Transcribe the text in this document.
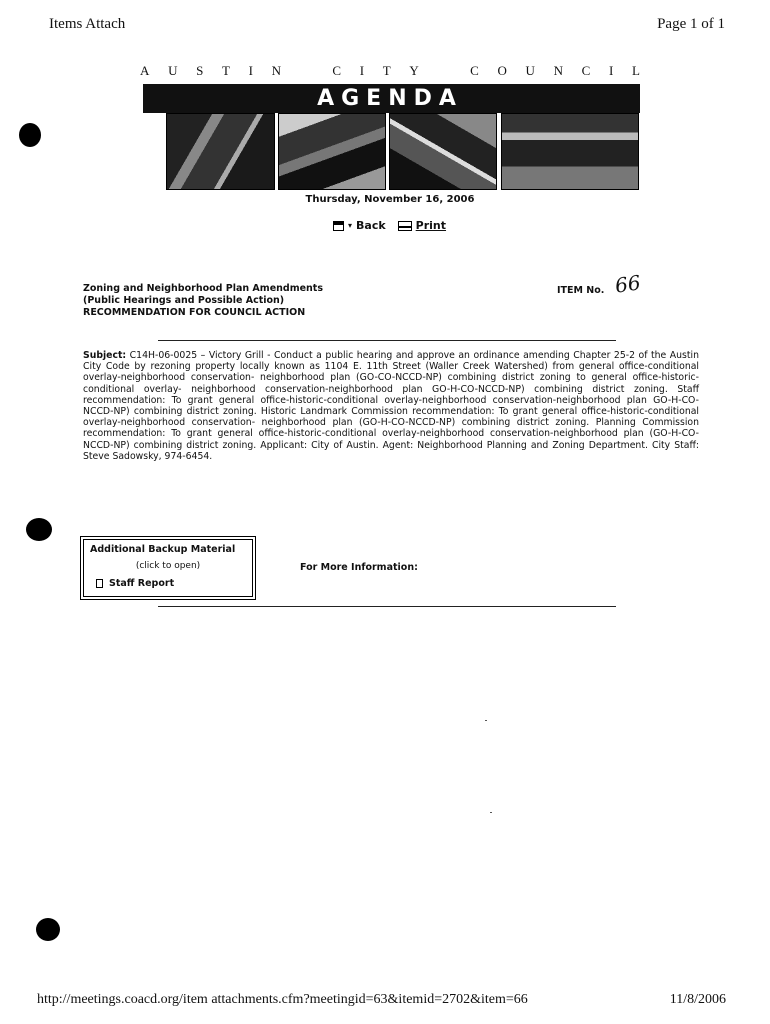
Items Attach	Page 1 of 1
A U S T I N	C I T Y	C O U N C I L
AGENDA
Thursday, November 16, 2006
▾ Back	Print
Zoning and Neighborhood Plan Amendments
(Public Hearings and Possible Action)
RECOMMENDATION FOR COUNCIL ACTION
ITEM No. 66
Subject: C14H-06-0025 – Victory Grill - Conduct a public hearing and approve an ordinance amending Chapter 25-2 of the Austin City Code by rezoning property locally known as 1104 E. 11th Street (Waller Creek Watershed) from general office-conditional overlay-neighborhood conservation- neighborhood plan (GO-CO-NCCD-NP) combining district zoning to general office-historic-conditional overlay- neighborhood conservation-neighborhood plan GO-H-CO-NCCD-NP) combining district zoning. Staff recommendation: To grant general office-historic-conditional overlay-neighborhood conservation-neighborhood plan GO-H-CO-NCCD-NP) combining district zoning. Historic Landmark Commission recommendation: To grant general office-historic-conditional overlay-neighborhood conservation- neighborhood plan (GO-H-CO-NCCD-NP) combining district zoning. Planning Commission recommendation: To grant general office-historic-conditional overlay-neighborhood conservation-neighborhood plan (GO-H-CO-NCCD-NP) combining district zoning. Applicant: City of Austin. Agent: Neighborhood Planning and Zoning Department. City Staff: Steve Sadowsky, 974-6454.
Additional Backup Material
(click to open)
Staff Report
For More Information:
http://meetings.coacd.org/item attachments.cfm?meetingid=63&itemid=2702&item=66	11/8/2006
